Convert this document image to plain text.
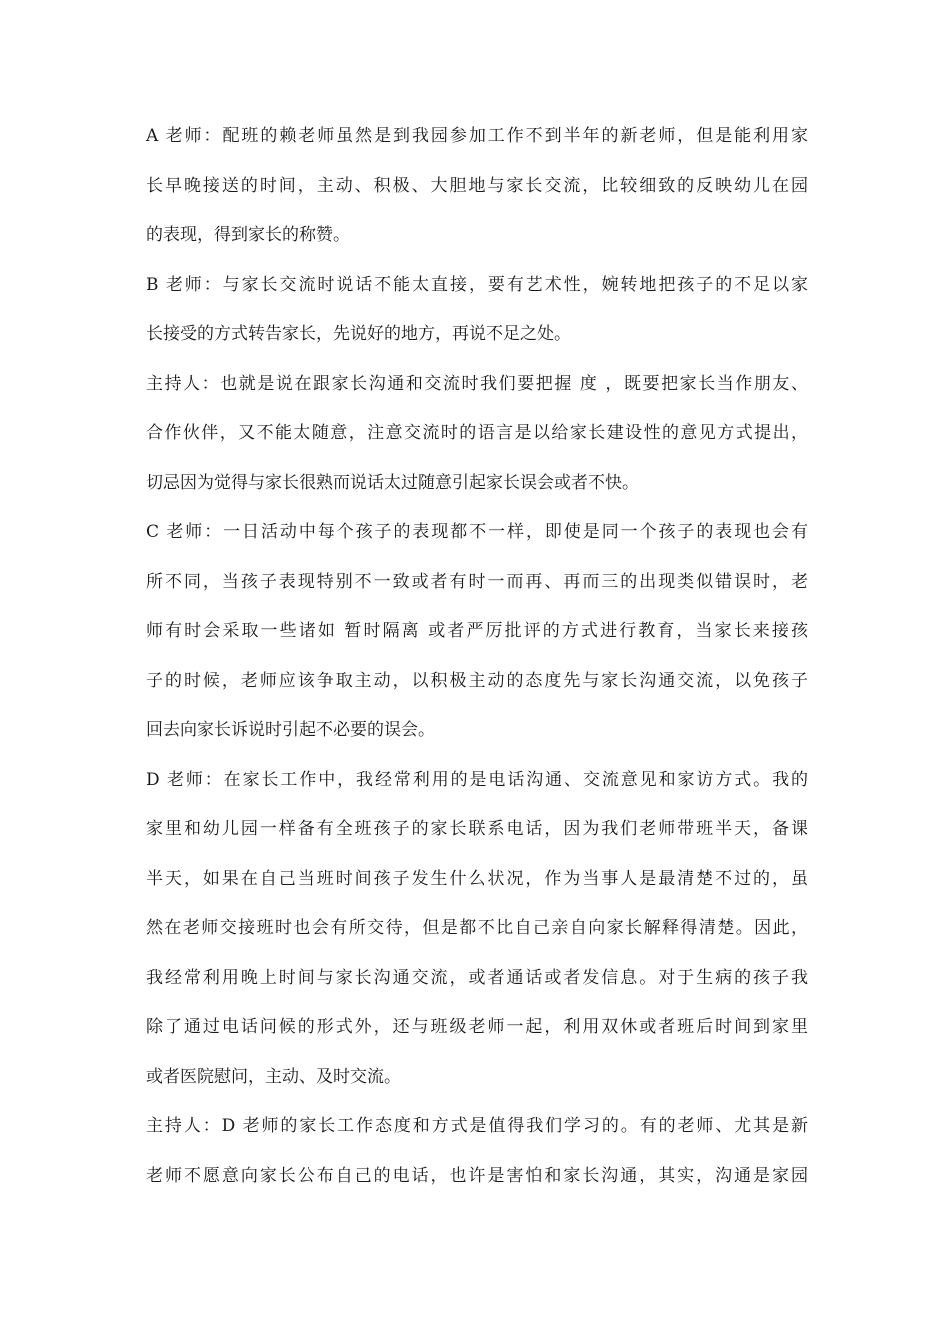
A 老师：配班的赖老师虽然是到我园参加工作不到半年的新老师，但是能利用家
长早晚接送的时间，主动、积极、大胆地与家长交流，比较细致的反映幼儿在园
的表现，得到家长的称赞。
B 老师：与家长交流时说话不能太直接，要有艺术性，婉转地把孩子的不足以家
长接受的方式转告家长，先说好的地方，再说不足之处。
主持人：也就是说在跟家长沟通和交流时我们要把握 度 ，既要把家长当作朋友、
合作伙伴，又不能太随意，注意交流时的语言是以给家长建设性的意见方式提出，
切忌因为觉得与家长很熟而说话太过随意引起家长误会或者不快。
C 老师：一日活动中每个孩子的表现都不一样，即使是同一个孩子的表现也会有
所不同，当孩子表现特别不一致或者有时一而再、再而三的出现类似错误时，老
师有时会采取一些诸如 暂时隔离 或者严厉批评的方式进行教育，当家长来接孩
子的时候，老师应该争取主动，以积极主动的态度先与家长沟通交流，以免孩子
回去向家长诉说时引起不必要的误会。
D 老师：在家长工作中，我经常利用的是电话沟通、交流意见和家访方式。我的
家里和幼儿园一样备有全班孩子的家长联系电话，因为我们老师带班半天，备课
半天，如果在自己当班时间孩子发生什么状况，作为当事人是最清楚不过的，虽
然在老师交接班时也会有所交待，但是都不比自己亲自向家长解释得清楚。因此，
我经常利用晚上时间与家长沟通交流，或者通话或者发信息。对于生病的孩子我
除了通过电话问候的形式外，还与班级老师一起，利用双休或者班后时间到家里
或者医院慰问，主动、及时交流。
主持人：D 老师的家长工作态度和方式是值得我们学习的。有的老师、尤其是新
老师不愿意向家长公布自己的电话，也许是害怕和家长沟通，其实，沟通是家园
